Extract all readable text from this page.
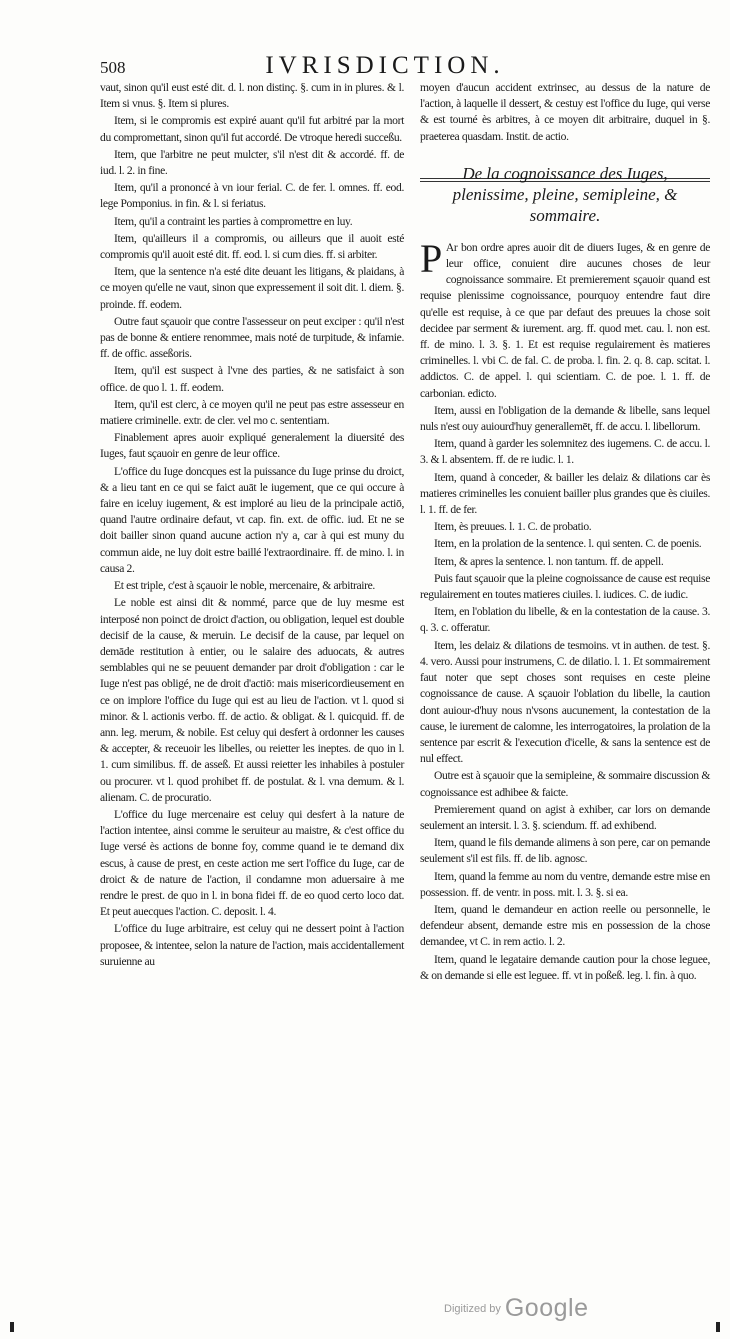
508	IVRISDICTION.

vaut, sinon qu'il eust esté dit. d. l. non distinç. §. cum in in plures. & l. Item si vnus. §. Item si plures.

Item, si le compromis est expiré auant qu'il fut arbitré par la mort du compromettant, sinon qu'il fut accordé. De vtroque heredi succeßu.

Item, que l'arbitre ne peut mulcter, s'il n'est dit & accordé. ff. de iud. l. 2. in fine.

Item, qu'il a prononcé à vn iour ferial. C. de fer. l. omnes. ff. eod. lege Pomponius. in fin. & l. si feriatus.

Item, qu'il a contraint les parties à compromettre en luy.

Item, qu'ailleurs il a compromis, ou ailleurs que il auoit esté compromis qu'il auoit esté dit. ff. eod. l. si cum dies. ff. si arbiter.

Item, que la sentence n'a esté dite deuant les litigans, & plaidans, à ce moyen qu'elle ne vaut, sinon que expressement il soit dit. l. diem. §. proinde. ff. eodem.

Outre faut sçauoir que contre l'assesseur on peut exciper : qu'il n'est pas de bonne & entiere renommee, mais noté de turpitude, & infamie. ff. de offic. asseßoris.

Item, qu'il est suspect à l'vne des parties, & ne satisfaict à son office. de quo l. 1. ff. eodem.

Item, qu'il est clerc, à ce moyen qu'il ne peut pas estre assesseur en matiere criminelle. extr. de cler. vel mo c. sententiam.

Finablement apres auoir expliqué generalement la diuersité des Iuges, faut sçauoir en genre de leur office.

L'office du Iuge doncques est la puissance du Iuge prinse du droict, & a lieu tant en ce qui se faict auāt le iugement, que ce qui occure à faire en iceluy iugement, & est imploré au lieu de la principale actiō, quand l'autre ordinaire defaut, vt cap. fin. ext. de offic. iud. Et ne se doit bailler sinon quand aucune action n'y a, car à qui est muny du commun aide, ne luy doit estre baillé l'extraordinaire. ff. de mino. l. in causa 2.

Et est triple, c'est à sçauoir le noble, mercenaire, & arbitraire.

Le noble est ainsi dit & nommé, parce que de luy mesme est interposé non poinct de droict d'action, ou obligation, lequel est double decisif de la cause, & meruin. Le decisif de la cause, par lequel on demāde restitution à entier, ou le salaire des aduocats, & autres semblables qui ne se peuuent demander par droit d'obligation : car le Iuge n'est pas obligé, ne de droit d'actiō: mais misericordieusement en ce on implore l'office du Iuge qui est au lieu de l'action. vt l. quod si minor. & l. actionis verbo. ff. de actio. & obligat. & l. quicquid. ff. de ann. leg. merum, & nobile. Est celuy qui desfert à ordonner les causes & accepter, & receuoir les libelles, ou reietter les ineptes. de quo in l. 1. cum similibus. ff. de asseß. Et aussi reietter les inhabiles à postuler ou procurer. vt l. quod prohibet ff. de postulat. & l. vna demum. & l. alienam. C. de procuratio.

L'office du Iuge mercenaire est celuy qui desfert à la nature de l'action intentee, ainsi comme le seruiteur au maistre, & c'est office du Iuge versé ès actions de bonne foy, comme quand ie te demand dix escus, à cause de prest, en ceste action me sert l'office du Iuge, car de droict & de nature de l'action, il condamne mon aduersaire à me rendre le prest. de quo in l. in bona fidei ff. de eo quod certo loco dat. Et peut auecques l'action. C. deposit. l. 4.

L'office du Iuge arbitraire, est celuy qui ne dessert point à l'action proposee, & intentee, selon la nature de l'action, mais accidentallement suruienne au

moyen d'aucun accident extrinsec, au dessus de la nature de l'action, à laquelle il dessert, & cestuy est l'office du Iuge, qui verse & est tourné ès arbitres, à ce moyen dit arbitraire, duquel in §. praeterea quasdam. Instit. de actio.

De la cognoissance des Iuges, plenissime, pleine, semipleine, & sommaire.

P Ar bon ordre apres auoir dit de diuers Iuges, & en genre de leur office, conuient dire aucunes choses de leur cognoissance sommaire. Et premierement sçauoir quand est requise plenissime cognoissance, pourquoy entendre faut dire qu'elle est requise, à ce que par defaut des preuues la chose soit decidee par serment & iurement. arg. ff. quod met. cau. l. non est. ff. de mino. l. 3. §. 1. Et est requise regulairement ès matieres criminelles. l. vbi C. de fal. C. de proba. l. fin. 2. q. 8. cap. scitat. l. addictos. C. de appel. l. qui scientiam. C. de poe. l. 1. ff. de carbonian. edicto.

Item, aussi en l'obligation de la demande & libelle, sans lequel nuls n'est ouy auiourd'huy generallemēt, ff. de accu. l. libellorum.

Item, quand à garder les solemnitez des iugemens. C. de accu. l. 3. & l. absentem. ff. de re iudic. l. 1.

Item, quand à conceder, & bailler les delaiz & dilations car ès matieres criminelles les conuient bailler plus grandes que ès ciuiles. l. 1. ff. de fer.

Item, ès preuues. l. 1. C. de probatio.

Item, en la prolation de la sentence. l. qui senten. C. de poenis.

Item, & apres la sentence. l. non tantum. ff. de appell.

Puis faut sçauoir que la pleine cognoissance de cause est requise regulairement en toutes matieres ciuiles. l. iudices. C. de iudic.

Item, en l'oblation du libelle, & en la contestation de la cause. 3. q. 3. c. offeratur.

Item, les delaiz & dilations de tesmoins. vt in authen. de test. §. 4. vero. Aussi pour instrumens, C. de dilatio. l. 1. Et sommairement faut noter que sept choses sont requises en ceste pleine cognoissance de cause. A sçauoir l'oblation du libelle, la caution dont auiour-d'huy nous n'vsons aucunement, la contestation de la cause, le iurement de calomne, les interrogatoires, la prolation de la sentence par escrit & l'execution d'icelle, & sans la sentence est de nul effect.

Outre est à sçauoir que la semipleine, & sommaire discussion & cognoissance est adhibee & faicte.

Premierement quand on agist à exhiber, car lors on demande seulement an intersit. l. 3. §. sciendum. ff. ad exhibend.

Item, quand le fils demande alimens à son pere, car on pemande seulement s'il est fils. ff. de lib. agnosc.

Item, quand la femme au nom du ventre, demande estre mise en possession. ff. de ventr. in poss. mit. l. 3. §. si ea.

Item, quand le demandeur en action reelle ou personnelle, le defendeur absent, demande estre mis en possession de la chose demandee, vt C. in rem actio. l. 2.

Item, quand le legataire demande caution pour la chose leguee, & on demande si elle est leguee. ff. vt in poßeß. leg. l. fin. à quo.

$^{Digitized by}$ Google
